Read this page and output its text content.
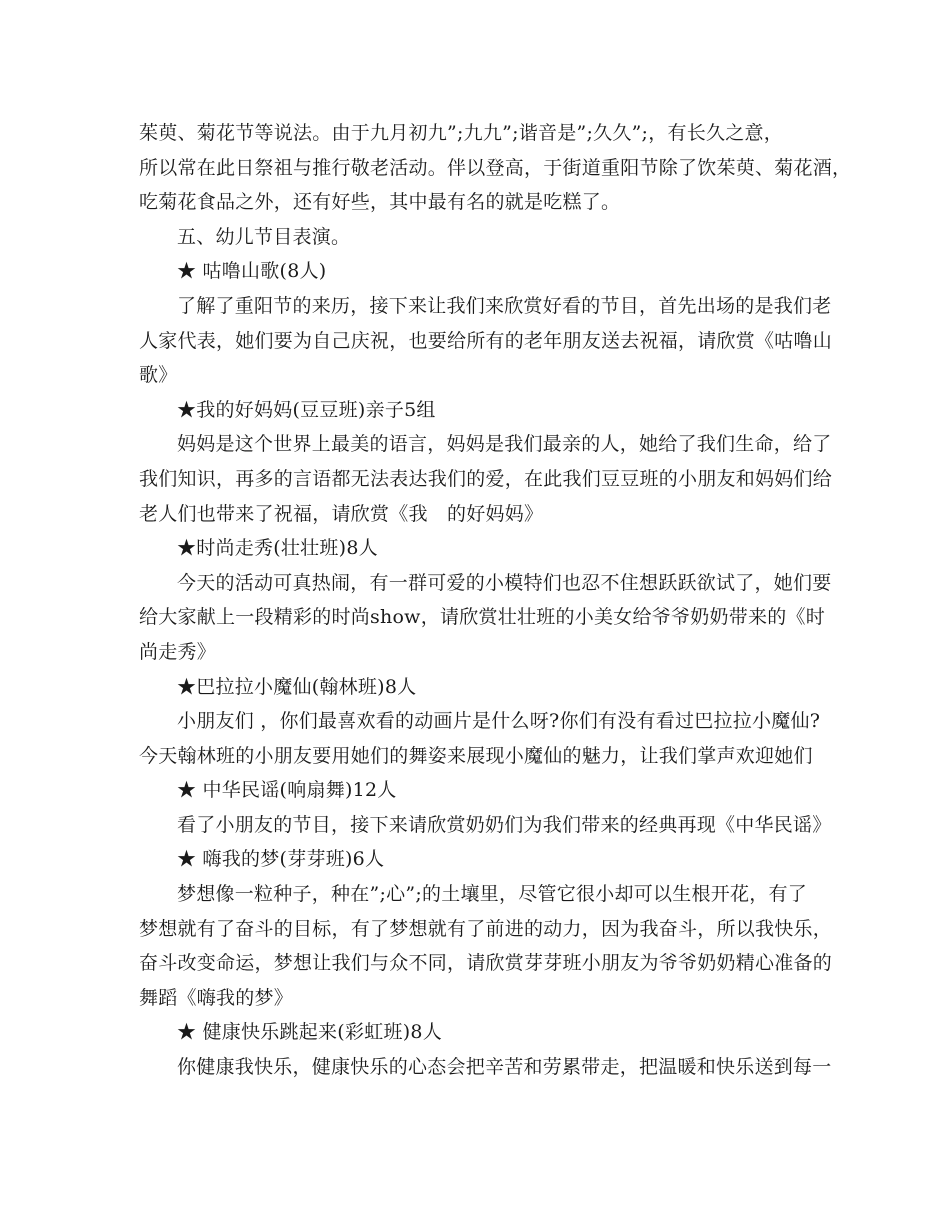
茱萸、菊花节等说法。由于九月初九”;九九”;谐音是”;久久”;，有长久之意，
所以常在此日祭祖与推行敬老活动。伴以登高，于街道重阳节除了饮茱萸、菊花酒，
吃菊花食品之外，还有好些，其中最有名的就是吃糕了。
五、幼儿节目表演。
★ 咕噜山歌(8人)
了解了重阳节的来历，接下来让我们来欣赏好看的节目，首先出场的是我们老
人家代表，她们要为自己庆祝，也要给所有的老年朋友送去祝福，请欣赏《咕噜山
歌》
★我的好妈妈(豆豆班)亲子5组
妈妈是这个世界上最美的语言，妈妈是我们最亲的人，她给了我们生命，给了
我们知识，再多的言语都无法表达我们的爱，在此我们豆豆班的小朋友和妈妈们给
老人们也带来了祝福，请欣赏《我　的好妈妈》
★时尚走秀(壮壮班)8人
今天的活动可真热闹，有一群可爱的小模特们也忍不住想跃跃欲试了，她们要
给大家献上一段精彩的时尚show，请欣赏壮壮班的小美女给爷爷奶奶带来的《时
尚走秀》
★巴拉拉小魔仙(翰林班)8人
小朋友们 ，你们最喜欢看的动画片是什么呀?你们有没有看过巴拉拉小魔仙?
今天翰林班的小朋友要用她们的舞姿来展现小魔仙的魅力，让我们掌声欢迎她们
★ 中华民谣(响扇舞)12人
看了小朋友的节目，接下来请欣赏奶奶们为我们带来的经典再现《中华民谣》
★ 嗨我的梦(芽芽班)6人
梦想像一粒种子，种在”;心”;的土壤里，尽管它很小却可以生根开花，有了
梦想就有了奋斗的目标，有了梦想就有了前进的动力，因为我奋斗，所以我快乐，
奋斗改变命运，梦想让我们与众不同，请欣赏芽芽班小朋友为爷爷奶奶精心准备的
舞蹈《嗨我的梦》
★ 健康快乐跳起来(彩虹班)8人
你健康我快乐，健康快乐的心态会把辛苦和劳累带走，把温暖和快乐送到每一
